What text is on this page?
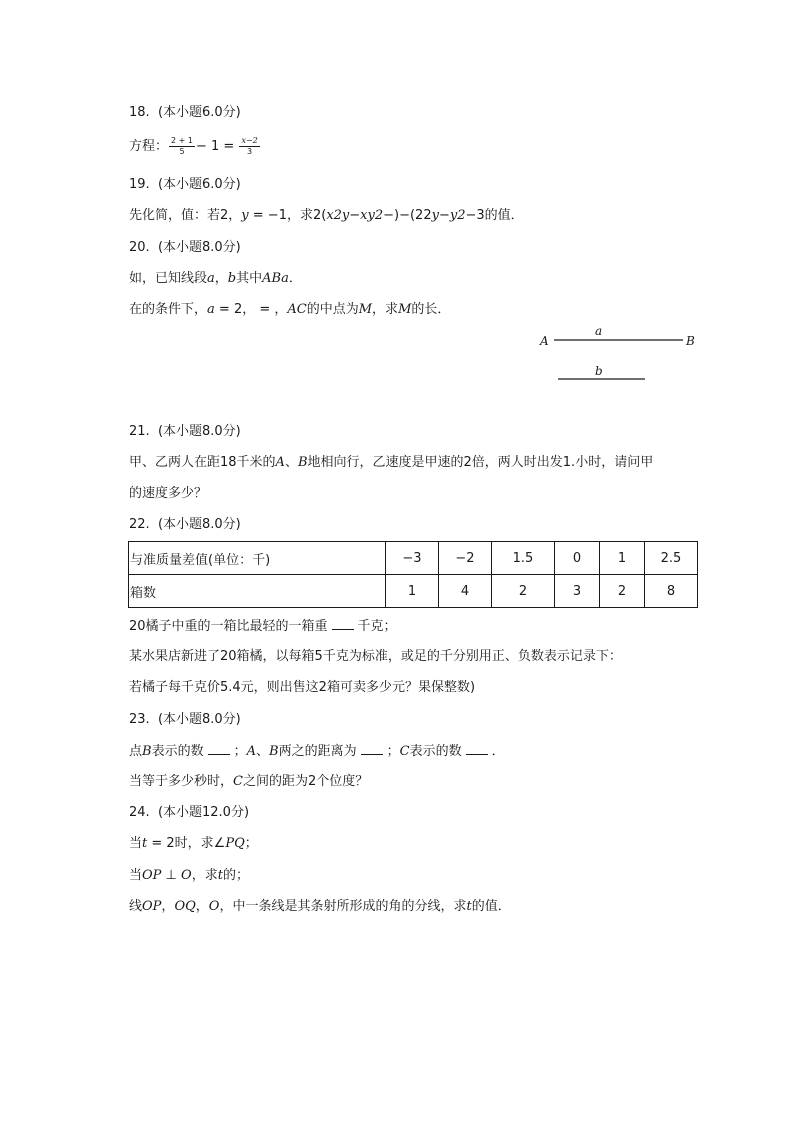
18.  (本小题6.0分)
方程： $\frac{2 + 1}{5} - 1 = \frac{x-2}{3}$
19.  (本小题6.0分)
先化简，值：若2，y = −1，求2(x2y−xy2−)−(22y−y2−3的值．
20.  (本小题8.0分)
如，已知线段a，b其中ABa．
在的条件下，a = 2， = ，AC的中点为M，求M的长．
A	B
a
b
21.  (本小题8.0分)
甲、乙两人在距18千米的A、B地相向行，乙速度是甲速的2倍，两人时出发1.小时，请问甲
的速度多少？
22.  (本小题8.0分)
与准质量差值(单位：千)	−3	−2	1.5	0	1	2.5
箱数	1	4	2	3	2	8
20橘子中重的一箱比最轻的一箱重 千克；
某水果店新进了20箱橘，以每箱5千克为标准，或足的千分别用正、负数表示记录下：
若橘子每千克价5.4元，则出售这2箱可卖多少元？果保整数)
23.  (本小题8.0分)
点B表示的数 ；A、B两之的距离为 ；C表示的数 ．
当等于多少秒时，C之间的距为2个位度？
24.  (本小题12.0分)
当t = 2时，求∠PQ；
当OP ⊥ O，求t的；
线OP，OQ，O，中一条线是其条射所形成的角的分线，求t的值．
